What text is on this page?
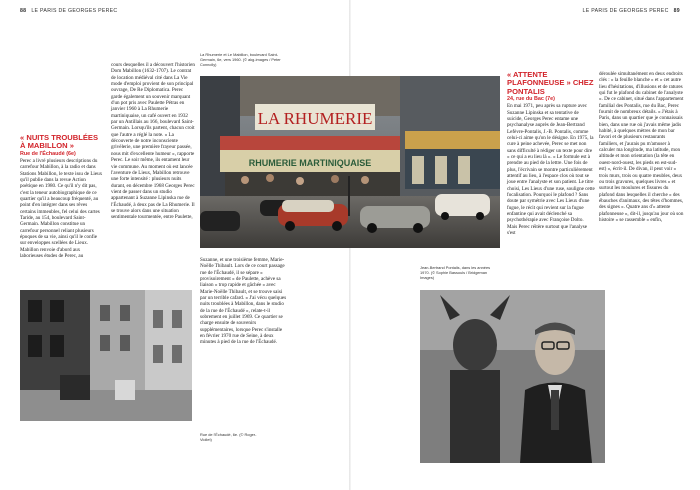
88 LE PARIS DE GEORGES PEREC	LE PARIS DE GEORGES PEREC 89
« NUITS TROUBLÉES À MABILLON »
Rue de l'Échaudé (6e)

Perec a livré plusieurs descriptions du carrefour Mabillon, à la radio et dans Stations Mabillon, le texte issu de Lieux qu'il publie dans la revue Action poétique en 1980. Ce qu'il n'y dit pas, c'est la teneur autobiographique de ce quartier qu'il a beaucoup fréquenté, au point d'en intégrer dans ses rêves certains immeubles, fel celui des cartes Taride, au 154, boulevard Saint-Germain. Mabillon constitue un carrefour personnel reliant plusieurs époques de sa vie, ainsi qu'il le confie sur enveloppes scellées de Lieux. Mabillon renvoie d'abord aux laborieuses études de Perec, au

cours desquelles il a découvert l'historien Dom Mabillon (1632-1707). Le contrat de location médiéval cité dans La Vie mode d'emploi provient de son principal ouvrage, De Re Diplomatica. Perec garde également un souvenir marquant d'un pot pris avec Paulette Pétras en janvier 1960 à La Rhumerie martiniquaise, un café ouvert en 1932 par un Antillais au 166, boulevard Saint-Germain. Lorsqu'ils partent, chacun croit que l'autre a réglé la note. « La découverte de notre inconsciente grivèlerie, une première frayeur passée, nous mit d'excellente humeur », rapporte Perec. Le soir même, ils entament leur vie commune. Au moment où est lancée l'aventure de Lieux, Mabillon retrouve une forte intensité : plusieurs nuits durant, en décembre 1968 Georges Perec vient de passer dans un studio appartenant à Suzanne Lipinska rue de l'Échaudé, à deux pas de La Rhumerie. Il se trouve alors dans une situation sentimentale tourmentée, entre Paulette,

Suzanne, et une troisième femme, Marie-Noëlle Thibault. Lors de ce court passage rue de l'Échaudé, il se sépare « provisoirement » de Paulette, achève sa liaison « trop rapide et gâchée » avec Marie-Noëlle Thibault, et se trouve saisi par un terrible cafard. « J'ai vécu quelques nuits troublées à Mabillon, dans le studio de la rue de l'Échaudé », relate-t-il sobrement en juillet 1969. Ce quartier se charge ensuite de souvenirs supplémentaires, lorsque Perec s'installe en février 1970 rue de Seine, à deux minutes à pied de la rue de l'Échaudé.

La Rhumerie et Le Mabillon, boulevard Saint-Germain, 6e, vers 1960. (© akg-images / Peter Connolly)
LA RHUMERIE
RHUMERIE MARTINIQUAISE
Rue de l'Échaudé, 6e. (© Roger-Viollet)
« ATTENTE PLAFONNEUSE » CHEZ PONTALIS
24, rue du Bac (7e)

En mai 1971, peu après sa rupture avec Suzanne Lipinska et sa tentative de suicide, Georges Perec entame une psychanalyse auprès de Jean-Bertrand Lefèvre-Pontalis, J.-B. Pontalis, comme celui-ci aime qu'on le désigne. En 1975, la cure à peine achevée, Perec se met non sans difficulté à rédiger un texte pour dire « ce qui a eu lieu là ». « Le formule est à prendre au pied de la lettre. Une fois de plus, l'écrivain se montre particulièrement attentif au lieu, à l'espace clos où tout se joue entre l'analyste et son patient. Le titre choisi, Les Lieux d'une ruse, souligne cette focalisation. Pourquoi le plafond ? Sans doute par symétrie avec Les Lieux d'une fugue, le récit qui revient sur la fugue enfantine qui avait déclenché sa psychothérapie avec Françoise Dolto. Mais Perec réitère surtout que l'analyse s'est

déroulée simultanément en deux endroits clés : « la feuille blanche » et « cet autre lieu d'hésitations, d'illusions et de ratures qui fut le plafond du cabinet de l'analyste ». De ce cabinet, situé dans l'appartement familial des Pontalis, rue du Bac, Perec fournit de nombreux détails. « J'étais à Paris, dans un quartier que je connaissais bien, dans une rue où j'avais même jadis habité, à quelques mètres de mon bar favori et de plusieurs restaurants familiers, et j'aurais pu m'amuser à calculer ma longitude, ma latitude, mon altitude et mon orientation (la tête en ouest-nord-ouest, les pieds en est-sud-est) », écrit-il. De divan, il peut voir « trois murs, trois ou quatre meubles, deux ou trois gravures, quelques livres » et surtout les moulures et fissures du plafond dans lesquelles il cherche « des ébauches d'animaux, des têtes d'hommes, des signes ». Quatre ans d'« attente plafonneuse », dit-il, jusqu'au jour où son histoire « se rassemble » enfin,

Jean-Bertrand Pontalis, dans les années 1970. (© Sophie Bassouls / Bridgeman Images)
